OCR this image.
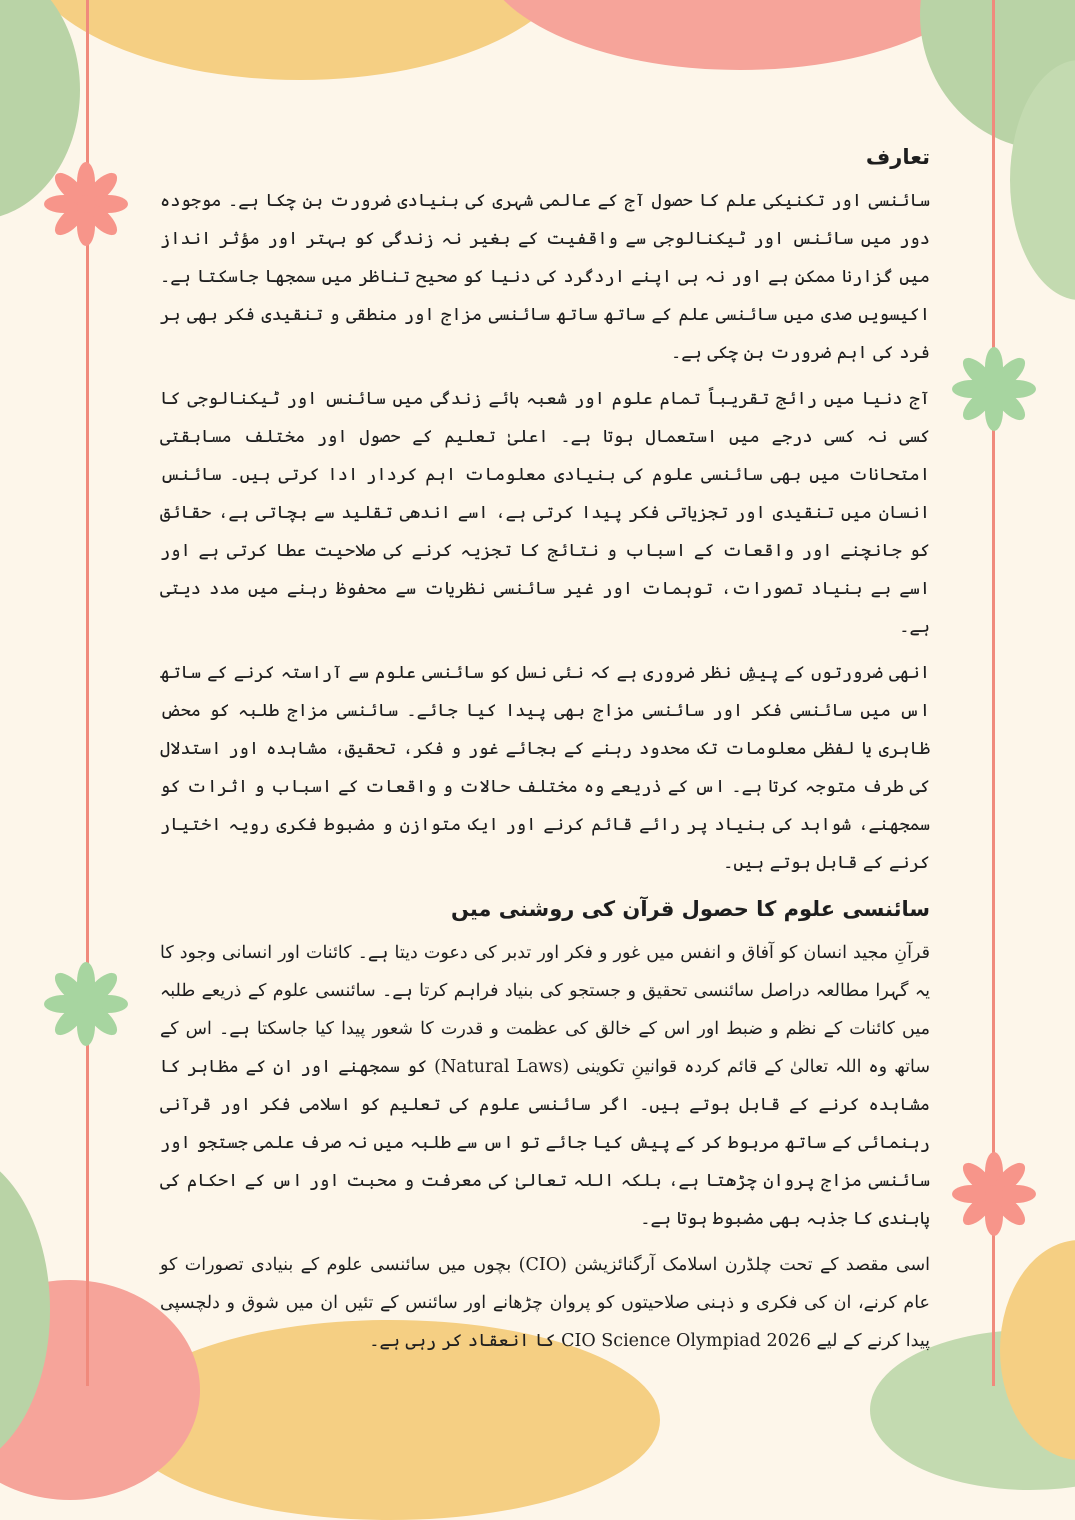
تعارف

سائنسی اور تکنیکی علم کا حصول آج کے عالمی شہری کی بنیادی ضرورت بن چکا ہے۔ موجودہ دور میں سائنس اور ٹیکنالوجی سے واقفیت کے بغیر نہ زندگی کو بہتر اور مؤثر انداز میں گزارنا ممکن ہے اور نہ ہی اپنے اردگرد کی دنیا کو صحیح تناظر میں سمجھا جاسکتا ہے۔ اکیسویں صدی میں سائنسی علم کے ساتھ ساتھ سائنسی مزاج اور منطقی و تنقیدی فکر بھی ہر فرد کی اہم ضرورت بن چکی ہے۔

آج دنیا میں رائج تقریباً تمام علوم اور شعبہ ہائے زندگی میں سائنس اور ٹیکنالوجی کا کسی نہ کسی درجے میں استعمال ہوتا ہے۔ اعلیٰ تعلیم کے حصول اور مختلف مسابقتی امتحانات میں بھی سائنسی علوم کی بنیادی معلومات اہم کردار ادا کرتی ہیں۔ سائنس انسان میں تنقیدی اور تجزیاتی فکر پیدا کرتی ہے، اسے اندھی تقلید سے بچاتی ہے، حقائق کو جانچنے اور واقعات کے اسباب و نتائج کا تجزیہ کرنے کی صلاحیت عطا کرتی ہے اور اسے بے بنیاد تصورات، توہمات اور غیر سائنسی نظریات سے محفوظ رہنے میں مدد دیتی ہے۔

انھی ضرورتوں کے پیشِ نظر ضروری ہے کہ نئی نسل کو سائنسی علوم سے آراستہ کرنے کے ساتھ اس میں سائنسی فکر اور سائنسی مزاج بھی پیدا کیا جائے۔ سائنسی مزاج طلبہ کو محض ظاہری یا لفظی معلومات تک محدود رہنے کے بجائے غور و فکر، تحقیق، مشاہدہ اور استدلال کی طرف متوجہ کرتا ہے۔ اس کے ذریعے وہ مختلف حالات و واقعات کے اسباب و اثرات کو سمجھنے، شواہد کی بنیاد پر رائے قائم کرنے اور ایک متوازن و مضبوط فکری رویہ اختیار کرنے کے قابل ہوتے ہیں۔

سائنسی علوم کا حصول قرآن کی روشنی میں

قرآنِ مجید انسان کو آفاق و انفس میں غور و فکر اور تدبر کی دعوت دیتا ہے۔ کائنات اور انسانی وجود کا یہ گہرا مطالعہ دراصل سائنسی تحقیق و جستجو کی بنیاد فراہم کرتا ہے۔ سائنسی علوم کے ذریعے طلبہ میں کائنات کے نظم و ضبط اور اس کے خالق کی عظمت و قدرت کا شعور پیدا کیا جاسکتا ہے۔ اس کے ساتھ وہ اللہ تعالیٰ کے قائم کردہ قوانینِ تکوینی (Natural Laws) کو سمجھنے اور ان کے مظاہر کا مشاہدہ کرنے کے قابل ہوتے ہیں۔ اگر سائنسی علوم کی تعلیم کو اسلامی فکر اور قرآنی رہنمائی کے ساتھ مربوط کر کے پیش کیا جائے تو اس سے طلبہ میں نہ صرف علمی جستجو اور سائنسی مزاج پروان چڑھتا ہے، بلکہ اللہ تعالیٰ کی معرفت و محبت اور اس کے احکام کی پابندی کا جذبہ بھی مضبوط ہوتا ہے۔

اسی مقصد کے تحت چلڈرن اسلامک آرگنائزیشن (CIO) بچوں میں سائنسی علوم کے بنیادی تصورات کو عام کرنے، ان کی فکری و ذہنی صلاحیتوں کو پروان چڑھانے اور سائنس کے تئیں ان میں شوق و دلچسپی پیدا کرنے کے لیے CIO Science Olympiad 2026 کا انعقاد کر رہی ہے۔
